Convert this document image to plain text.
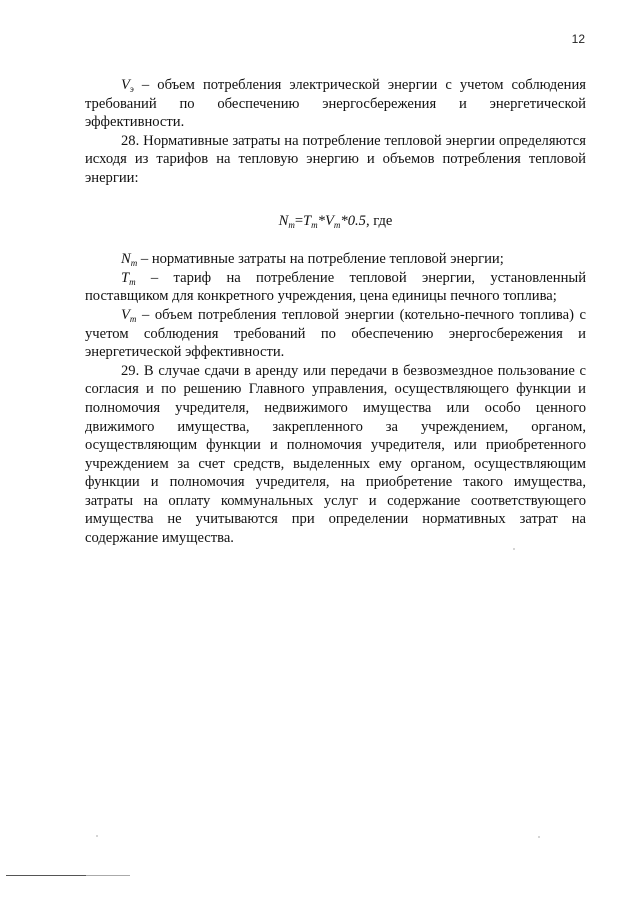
12

$V_э$ – объем потребления электрической энергии с учетом соблюдения требований по обеспечению энергосбережения и энергетической эффективности.

28. Нормативные затраты на потребление тепловой энергии определяются исходя из тарифов на тепловую энергию и объемов потребления тепловой энергии:

$N_т=T_т*V_т*0.5$, где

$N_т$ – нормативные затраты на потребление тепловой энергии;

$T_т$ – тариф на потребление тепловой энергии, установленный поставщиком для конкретного учреждения, цена единицы печного топлива;

$V_т$ – объем потребления тепловой энергии (котельно-печного топлива) с учетом соблюдения требований по обеспечению энергосбережения и энергетической эффективности.

29. В случае сдачи в аренду или передачи в безвозмездное пользование с согласия и по решению Главного управления, осуществляющего функции и полномочия учредителя, недвижимого имущества или особо ценного движимого имущества, закрепленного за учреждением, органом, осуществляющим функции и полномочия учредителя, или приобретенного учреждением за счет средств, выделенных ему органом, осуществляющим функции и полномочия учредителя, на приобретение такого имущества, затраты на оплату коммунальных услуг и содержание соответствующего имущества не учитываются при определении нормативных затрат на содержание имущества.
